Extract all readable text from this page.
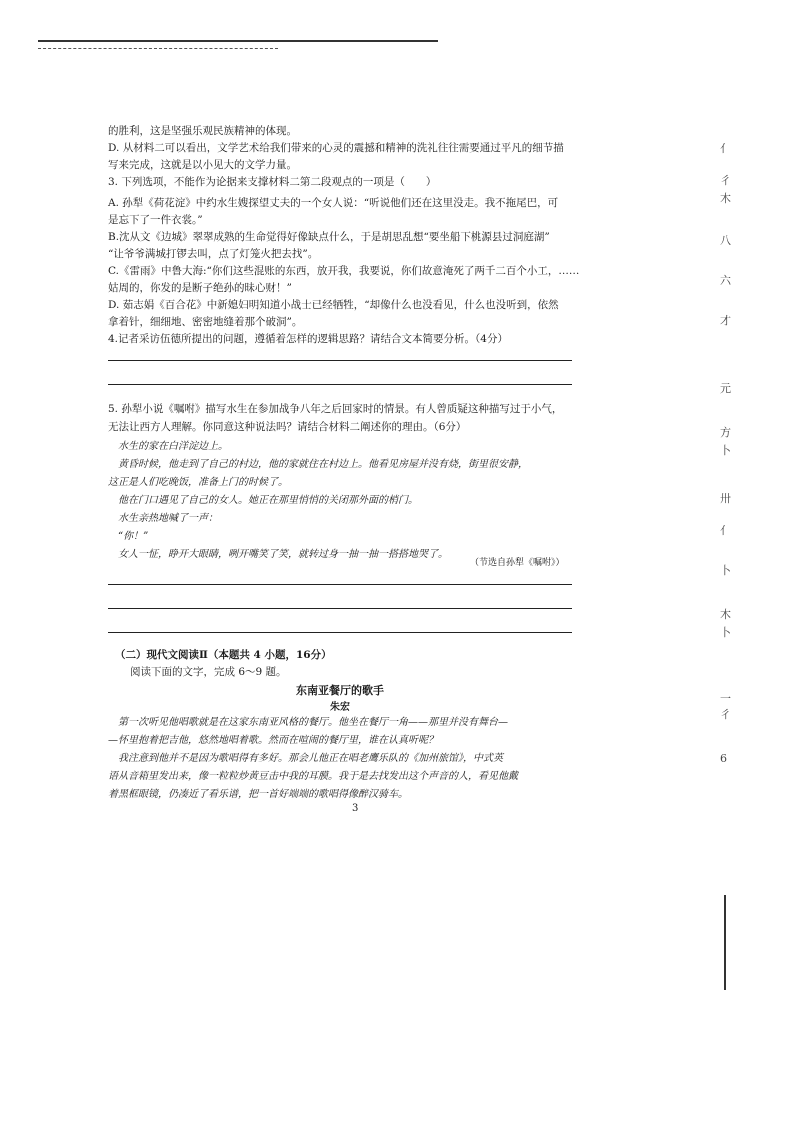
的胜利，这是坚强乐观民族精神的体现。
D. 从材料二可以看出，文学艺术给我们带来的心灵的震撼和精神的洗礼往往需要通过平凡的细节描
写来完成，这就是以小见大的文学力量。
3. 下列选项，不能作为论据来支撑材料二第二段观点的一项是（　　）
A. 孙犁《荷花淀》中约水生嫂探望丈夫的一个女人说：“听说他们还在这里没走。我不拖尾巴，可
是忘下了一件衣裳。”
B.沈从文《边城》翠翠成熟的生命觉得好像缺点什么，于是胡思乱想“要坐船下桃源县过洞庭湖”
“让爷爷满城打锣去叫，点了灯笼火把去找”。
C.《雷雨》中鲁大海:“你们这些混账的东西，放开我，我要说，你们故意淹死了两千二百个小工，……
姑周的，你发的是断子绝孙的昧心财！”
D. 茹志娟《百合花》中新媳妇明知道小战士已经牺牲，“却像什么也没看见，什么也没听到，依然
拿着针，细细地、密密地缝着那个破洞”。
4.记者采访伍德所提出的问题，遵循着怎样的逻辑思路？请结合文本简要分析。（4分）
5. 孙犁小说《嘱咐》描写水生在参加战争八年之后回家时的情景。有人曾质疑这种描写过于小气，
无法让西方人理解。你同意这种说法吗？请结合材料二阐述你的理由。（6分）
水生的家在白洋淀边上。
黄昏时候，他走到了自己的村边，他的家就住在村边上。他看见房屋并没有烧，街里很安静，
这正是人们吃晚饭，准备上门的时候了。
他在门口遇见了自己的女人。她正在那里悄悄的关闭那外面的梢门。
水生亲热地喊了一声：
“你！”
女人一怔，睁开大眼睛，咧开嘴笑了笑，就转过身一抽一抽一搭搭地哭了。
（节选自孙犁《嘱咐》）
（二）现代文阅读Ⅱ（本题共 4 小题，16分）
阅读下面的文字，完成 6～9 题。
东南亚餐厅的歌手
朱宏
第一次听见他唱歌就是在这家东南亚风格的餐厅。他坐在餐厅一角——那里并没有舞台—
—怀里抱着把吉他，悠然地唱着歌。然而在喧闹的餐厅里，谁在认真听呢？
我注意到他并不是因为歌唱得有多好。那会儿他正在唱老鹰乐队的《加州旅馆》，中式英
语从音箱里发出来，像一粒粒炒黄豆击中我的耳膜。我于是去找发出这个声音的人，看见他戴
着黑框眼镜，仍凑近了看乐谱，把一首好端端的歌唱得像醉汉骑车。
3
亻
彳
木
八
六
才
元
方
卜
卅
亻
卜
木
卜
一
彳
6
